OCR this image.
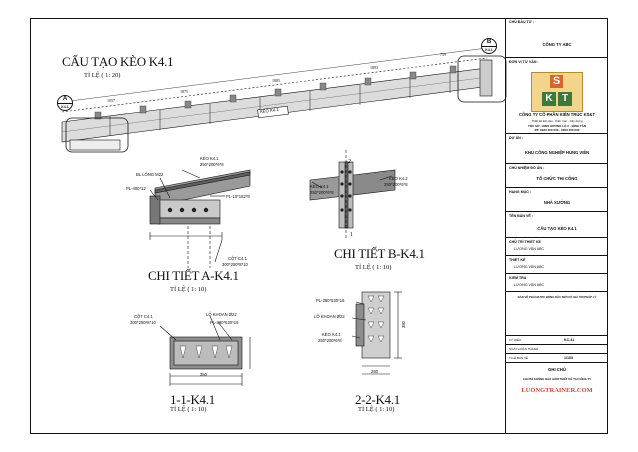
1057
1875
1885
1893
759
2
1
A
K4.1
B
K4.1
CẤU TẠO KÈO K4.1
TỈ LỆ ( 1: 20)
CHI TIẾT A-K4.1
TỈ LỆ ( 1: 10)
CHI TIẾT B-K4.1
TỈ LỆ ( 1: 10)
1-1-K4.1
TỈ LỆ ( 1: 10)
2-2-K4.1
TỈ LỆ ( 1: 10)
KÈO K4.1
KÈO K4.1
250*200*6*8
BL LỖNG M22
PL-400*12
PL-10*182*8
CỘT C4.1
300*250*8*10
KÈO K4.1
250*200*6*8
KÈO K4.2
250*200*6*8
CỘT C4.1
300*250*8*10
LỖ KHOAN Ø22
PL-380*530*16
350
PL-380*530*16
LỖ KHOAN Ø22
KÈO K4.1
250*200*6*8
380
260
CHỦ ĐẦU TƯ :
CÔNG TY ABC
ĐƠN VỊ TƯ VẤN :
CÔNG TY CỔ PHẦN KIẾN TRÚC KS&T
Thiết kế kết cấu - Kiến trúc - Xây dựng
TRỤ SỞ: 188/8 HƯƠNG LỘ 2 - BÌNH TÂN
ĐT: 0933 000 000 - 0909 000 000
DỰ ÁN :
KHU CÔNG NGHIỆP HUNG VIỄN
CHỦ NHIỆM ĐỒ ÁN :
TỔ CHỨC THI CÔNG
HẠNG MỤC :
NHÀ XƯỞNG
TÊN BẢN VẼ :
CẤU TẠO KÈO K4.1
CHỦ TRÌ THIẾT KẾ
LƯƠNG VĂN ABC
THIẾT KẾ
LƯƠNG VĂN ABC
KIỂM TRA
LƯƠNG VĂN ABC
BẢN VẼ PHẢI ĐƯỢC ĐÓNG DẤU MỚI CÓ GIÁ TRỊ PHÁP LÝ
KÝ HIỆU	KC-41
NGÀY HOÀN THÀNH
TỈ LỆ BẢN VẼ	1/100
GHI CHÚ
CHI PHÍ KHÔNG BAO GỒM THIẾT KẾ TẠI CÔNG TY
LUONGTRAINER.COM
S
K T
